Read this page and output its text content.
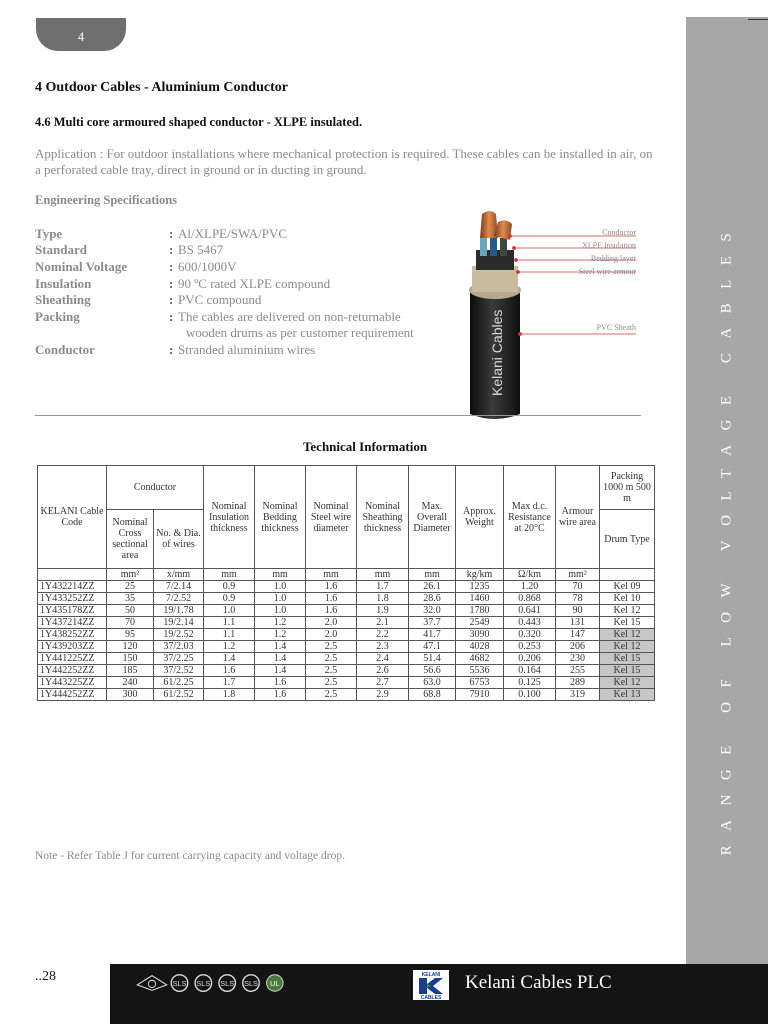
4
RANGE OF LOW VOLTAGE CABLES
4 Outdoor Cables - Aluminium Conductor
4.6 Multi core armoured shaped conductor - XLPE insulated.

Application : For outdoor installations where mechanical protection is required. These cables can be installed in air, on a perforated cable tray, direct in ground or in ducting in ground.

Engineering Specifications

Type	: Al/XLPE/SWA/PVC
Standard	: BS 5467
Nominal Voltage	: 600/1000V
Insulation	: 90 ºC rated XLPE compound
Sheathing	: PVC compound
Packing	: The cables are delivered on non-returnable
wooden drums as per customer requirement
Conductor	: Stranded aluminium wires	Kelani Cables
Conductor
XLPE Insulation
Bedding layer
Steel wire armour
PVC Sheath
Technical Information
KELANI Cable Code	Conductor		Nominal Insulation thickness	Nominal Bedding thickness	Nominal Steel wire diameter	Nominal Sheathing thickness	Max. Overall Diameter	Approx. Weight	Max d.c. Resistance at 20°C	Armour wire area	Packing 1000 m 500 m
	Nominal Cross sectional area	No. & Dia. of wires									Drum Type
	mm²	x/mm	mm	mm	mm	mm	mm	kg/km	Ω/km	mm²	
1Y432214ZZ	25	7/2.14	0.9	1.0	1.6	1.7	26.1	1235	1.20	70	Kel 09
1Y433252ZZ	35	7/2.52	0.9	1.0	1.6	1.8	28.6	1460	0.868	78	Kel 10
1Y435178ZZ	50	19/1.78	1.0	1.0	1.6	1.9	32.0	1780	0.641	90	Kel 12
1Y437214ZZ	70	19/2.14	1.1	1.2	2.0	2.1	37.7	2549	0.443	131	Kel 15
1Y438252ZZ	95	19/2.52	1.1	1.2	2.0	2.2	41.7	3090	0.320	147	Kel 12
1Y439203ZZ	120	37/2.03	1.2	1.4	2.5	2.3	47.1	4028	0.253	206	Kel 12
1Y441225ZZ	150	37/2.25	1.4	1.4	2.5	2.4	51.4	4682	0.206	230	Kel 15
1Y442252ZZ	185	37/2.52	1.6	1.4	2.5	2.6	56.6	5536	0.164	255	Kel 15
1Y443225ZZ	240	61/2.25	1.7	1.6	2.5	2.7	63.0	6753	0.125	289	Kel 12
1Y444252ZZ	300	61/2.52	1.8	1.6	2.5	2.9	68.8	7910	0.100	319	Kel 13
Note - Refer Table J for current carrying capacity and voltage drop.
..28	SLS SLS SLS SLS UL
KELANI
CABLES
Kelani Cables PLC
